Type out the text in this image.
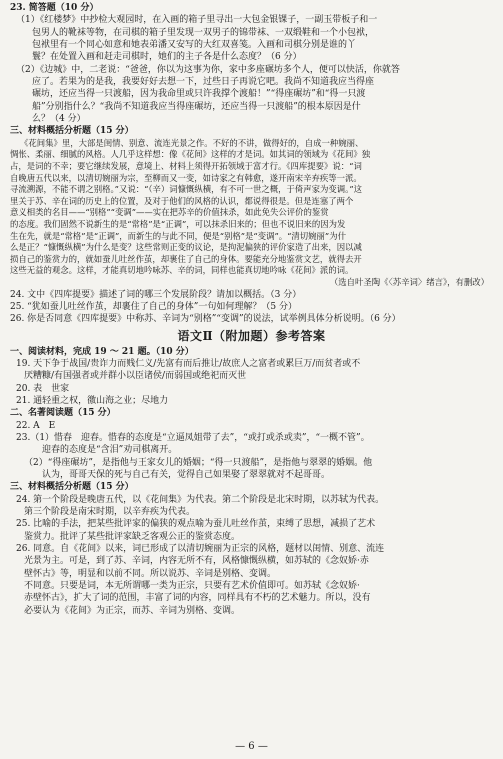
23. 简答题（10 分）
（1）《红楼梦》中抄检大观园时，在入画的箱子里寻出一大包金银锞子，一副玉带板子和一
包男人的靴袜等物，在司棋的箱子里发现一双男子的锦带袜、一双缎鞋和一个小包袱，
包袱里有一个同心如意和她表弟潘又安写的大红双喜笺。入画和司棋分别是谁的丫
鬟？在处置入画和赶走司棋时，她们的主子各是什么态度？（6 分）
（2）《边城》中，二老说：“爸爸，你以为这事为你，家中多座碾坊多个人，便可以快活，你就答
应了。若果为的是我，我要好好去想一下，过些日子再说它吧。我尚不知道我应当得座
碾坊，还应当得一只渡船，因为我命里或只许我撑个渡船！”“得座碾坊”和“得一只渡
船”分别指什么？“我尚不知道我应当得座碾坊，还应当得一只渡船”的根本原因是什
么？（4 分）
三、材料概括分析题（15 分）
《花间集》里，大部是闺情、别意、流连光景之作。不好的不讲，做得好的，自成一种婉丽、
惆怅、柔丽、细腻的风格。人几乎这样想：像《花间》这样的才是词。如其词的领域为《花间》独
占，是词的不幸；要它继续发展，意境上、材料上须得开拓领域于富才行。《四库提要》说：“词
自晚唐五代以来，以清切婉丽为宗，至柳而又一变，如诗家之有韩愈，遂开南宋辛弃疾等一派。
寻流溯源，不能不谓之别格。”又说：“（辛）词慷慨纵横，有不可一世之概，于倚声家为变调。”这
里关于苏、辛在词的历史上的位置，及对于他们的风格的认识，都说得很是。但是连塞了两个
意义相类的名目——“别格”“变调”——实在把苏辛的价值抹杀，如此免失公评价的鉴赏
的态度。我们固然不说新生的是“常格”是“正调”，可以抹杀旧来的；但也不说旧来的因为发
生在先，就是“常格”是“正调”，而新生的与此不同，便是“别格”是“变调”。“清切婉丽”为什
么是正？“慷慨纵横”为什么是变？这些常则正变的议论，是拘泥偏狭的评价家造了出来，因以减
损自己的鉴赏力的，就如蚕儿吐丝作茧，却裹住了自己的身体。要能充分地鉴赏文艺，就得去开
这些无益的观念。这样，才能真切地吟咏苏、辛的词，同样也能真切地吟咏《花间》派的词。
（选自叶圣陶《〈苏辛词〉绪言》，有删改）
24. 文中《四库提要》描述了词的哪三个发展阶段？请加以概括。（3 分）
25. “犹如蚕儿吐丝作茧，却裹住了自己的身体”一句如何理解？（5 分）
26. 你是否同意《四库提要》中称苏、辛词为“别格”“变调”的说法，试举例具体分析说明。（6 分）
语文Ⅱ（附加题）参考答案
一、阅读材料，完成 19 ～ 21 题。（10 分）
19. 天下争于战国/贵诈力而贱仁义/先富有而后推让/故庶人之富者或累巨万/而贫者或不
厌糟糠/有国强者或并群小以臣诸侯/而弱国或绝祀而灭世
20. 表　世家
21. 通轻重之权，徼山海之业；尽地力
二、名著阅读题（15 分）
22. A　E
23.（1）惜春　迎春。惜春的态度是“立逼凤姐带了去”，“或打或杀或卖”，“一概不管”。
迎春的态度是“含泪”劝司棋离开。
（2）“得座碾坊”，是指他与王家女儿的婚姻；“得一只渡船”，是指他与翠翠的婚姻。他
认为，哥哥天保的死与自己有关，觉得自己如果娶了翠翠就对不起哥哥。
三、材料概括分析题（15 分）
24. 第一个阶段是晚唐五代，以《花间集》为代表。第二个阶段是北宋时期，以苏轼为代表。
第三个阶段是南宋时期，以辛弃疾为代表。
25. 比喻的手法，把某些批评家的偏狭的观点喻为蚕儿吐丝作茧，束缚了思想，减损了艺术
鉴赏力。批评了某些批评家缺乏客观公正的鉴赏态度。
26. 同意。自《花间》以来，词已形成了以清切婉丽为正宗的风格，题材以闺情、别意、流连
光景为主。可是，到了苏、辛词，内容无所不有，风格慷慨纵横，如苏轼的《念奴娇·赤
壁怀古》等，明显和以前不同。所以说苏、辛词是别格、变调。
不同意。只要是词，本无所谓哪一类为正宗，只要有艺术价值即可。如苏轼《念奴娇·
赤壁怀古》，扩大了词的范围，丰富了词的内容，同样具有不朽的艺术魅力。所以，没有
必要认为《花间》为正宗，而苏、辛词为别格、变调。
— 6 —
